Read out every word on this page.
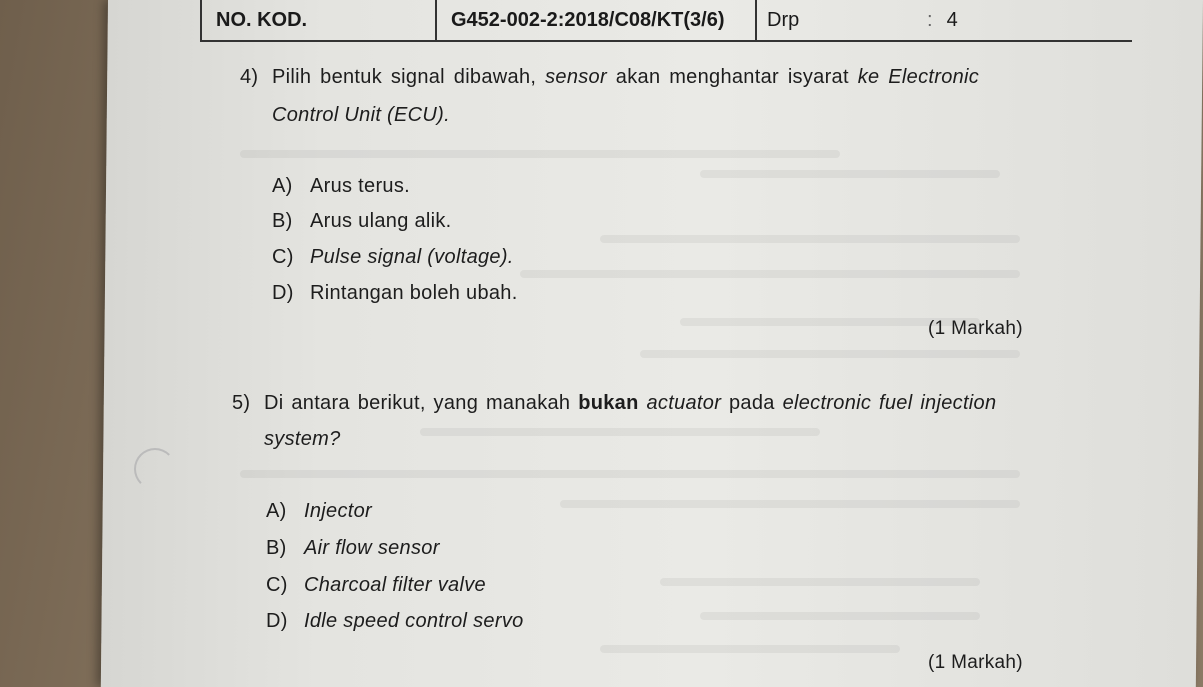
NO. KOD.	G452-002-2:2018/C08/KT(3/6)	Drp	: 4
4) Pilih bentuk signal dibawah, sensor akan menghantar isyarat ke Electronic
Control Unit (ECU).
A) Arus terus.
B) Arus ulang alik.
C) Pulse signal (voltage).
D) Rintangan boleh ubah.
(1 Markah)
5) Di antara berikut, yang manakah bukan actuator pada electronic fuel injection
system?
A) Injector
B) Air flow sensor
C) Charcoal filter valve
D) Idle speed control servo
(1 Markah)
